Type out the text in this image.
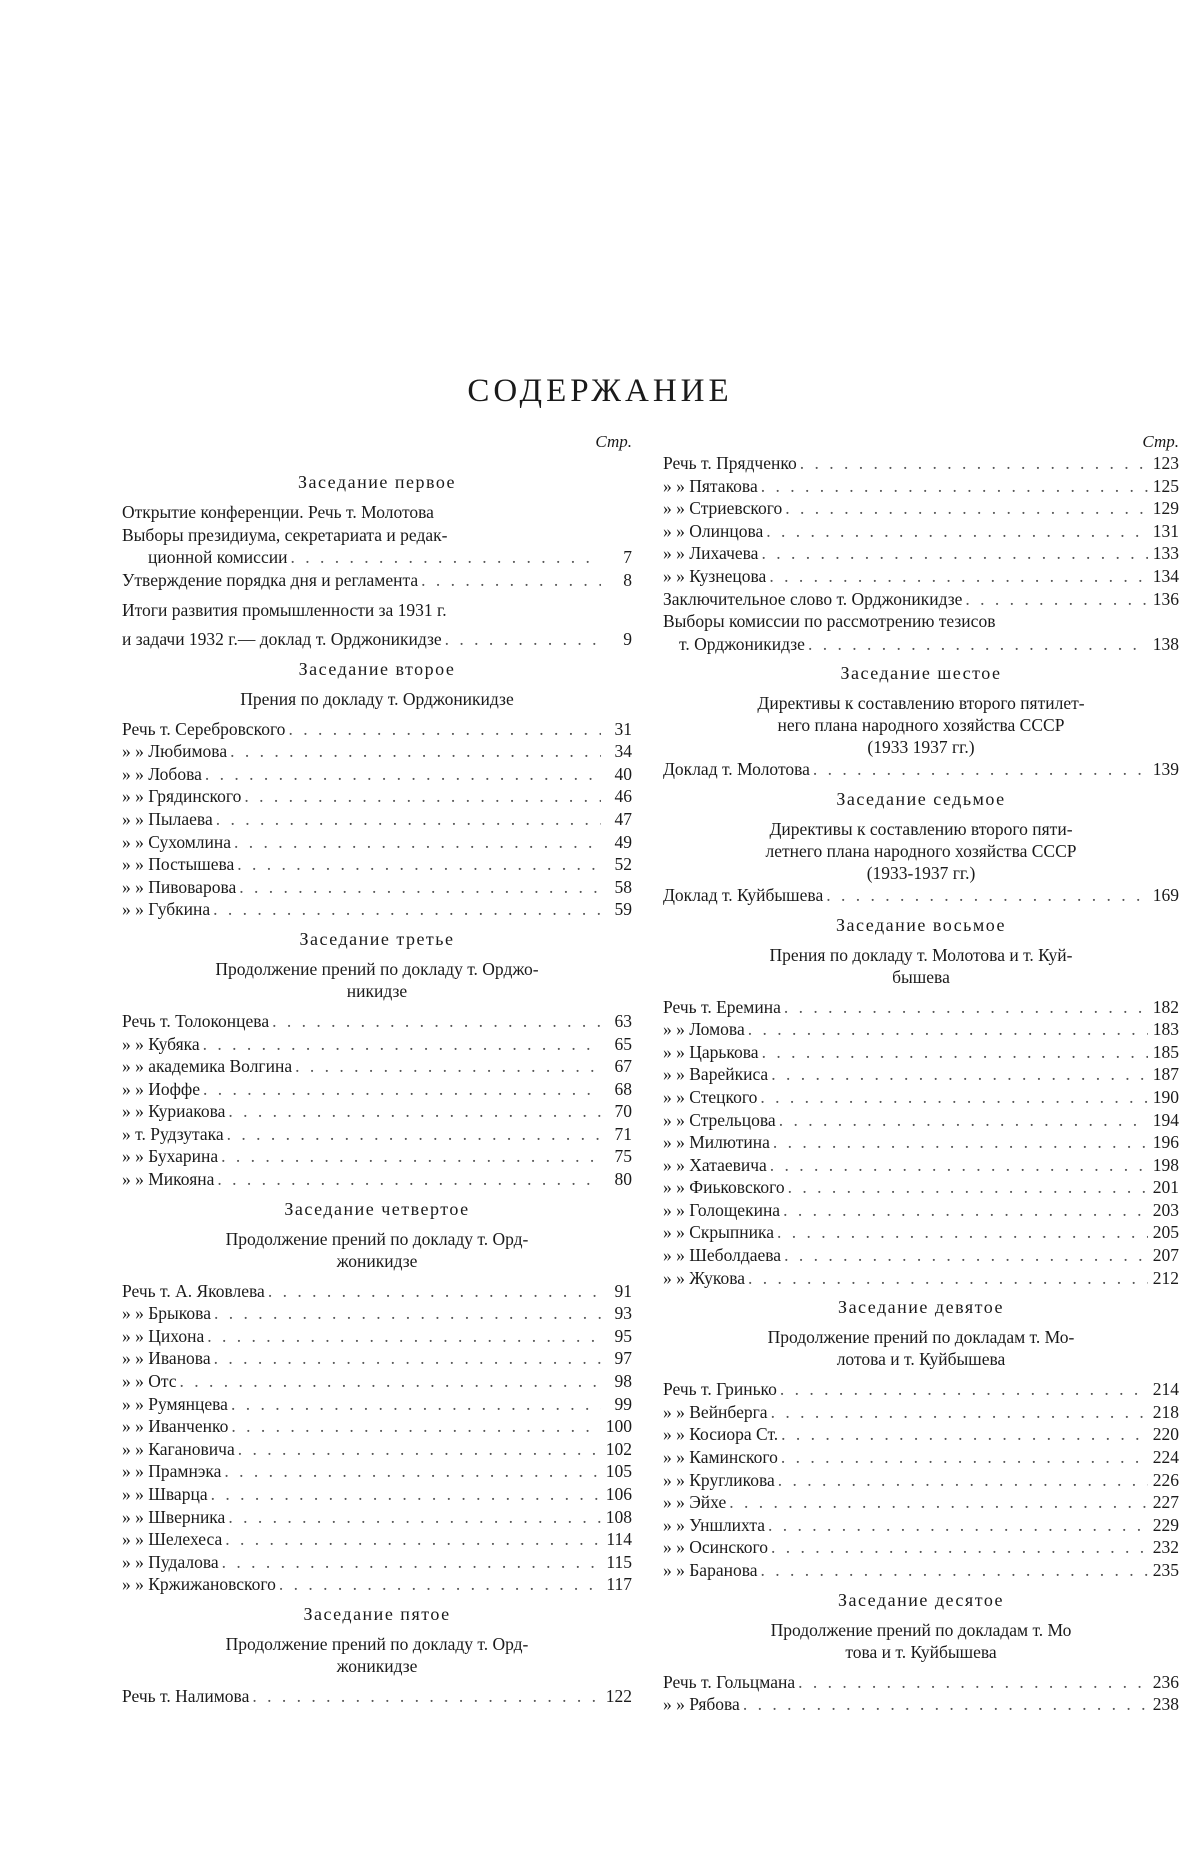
СОДЕРЖАНИЕ
Стр.
Заседание первое
Открытие конференции. Речь т. Молотова
Выборы президиума, секретариата и редак-
ционной комиссии . . .	7
Утверждение порядка дня и регламента . . .	8
Итоги развития промышленности за 1931 г.
и задачи 1932 г.— доклад т. Орджоникидзе . . .	9
Заседание второе
Прения по докладу т. Орджоникидзе
Речь т. Серебровского . . .	31
» » Любимова . . .	34
» » Лобова . . .	40
» » Грядинского . . .	46
» » Пылаева . . .	47
» » Сухомлина . . .	49
» » Постышева . . .	52
» » Пивоварова . . .	58
» » Губкина . . .	59
Заседание третье
Продолжение прений по докладу т. Орджо-
никидзе
Речь т. Толоконцева . . .	63
» » Кубяка . . .	65
» » академика Волгина . . .	67
» » Иоффе . . .	68
» » Куриакова . . .	70
» т. Рудзутака . . .	71
» » Бухарина . . .	75
» » Микояна . . .	80
Заседание четвертое
Продолжение прений по докладу т. Орд-
жоникидзе
Речь т. А. Яковлева . . .	91
» » Брыкова . . .	93
» » Цихона . . .	95
» » Иванова . . .	97
» » Отс . . .	98
» » Румянцева . . .	99
» » Иванченко . . .	100
» » Кагановича . . .	102
» » Прамнэка . . .	105
» » Шварца . . .	106
» » Шверника . . .	108
» » Шелехеса . . .	114
» » Пудалова . . .	115
» » Кржижановского . . .	117
Заседание пятое
Продолжение прений по докладу т. Орд-
жоникидзе
Речь т. Налимова . . .	122
Стр.
Речь т. Прядченко . . .	123
» » Пятакова . . .	125
» » Стриевского . . .	129
» » Олинцова . . .	131
» » Лихачева . . .	133
» » Кузнецова . . .	134
Заключительное слово т. Орджоникидзе . . .	136
Выборы комиссии по рассмотрению тезисов
т. Орджоникидзе . . .	138
Заседание шестое
Директивы к составлению второго пятилет-
него плана народного хозяйства СССР
(1933 1937 гг.)
Доклад т. Молотова . . .	139
Заседание седьмое
Директивы к составлению второго пяти-
летнего плана народного хозяйства СССР
(1933-1937 гг.)
Доклад т. Куйбышева . . .	169
Заседание восьмое
Прения по докладу т. Молотова и т. Куй-
бышева
Речь т. Еремина . . .	182
» » Ломова . . .	183
» » Царькова . . .	185
» » Варейкиса . . .	187
» » Стецкого . . .	190
» » Стрельцова . . .	194
» » Милютина . . .	196
» » Хатаевича . . .	198
» » Фиьковского . . .	201
» » Голощекина . . .	203
» » Скрыпника . . .	205
» » Шеболдаева . . .	207
» » Жукова . . .	212
Заседание девятое
Продолжение прений по докладам т. Мо-
лотова и т. Куйбышева
Речь т. Гринько . . .	214
» » Вейнберга . . .	218
» » Косиора Ст. . . .	220
» » Каминского . . .	224
» » Кругликова . . .	226
» » Эйхе . . .	227
» » Уншлихта . . .	229
» » Осинского . . .	232
» » Баранова . . .	235
Заседание десятое
Продолжение прений по докладам т. Мо
това и т. Куйбышева
Речь т. Гольцмана . . .	236
» » Рябова . . .	238
